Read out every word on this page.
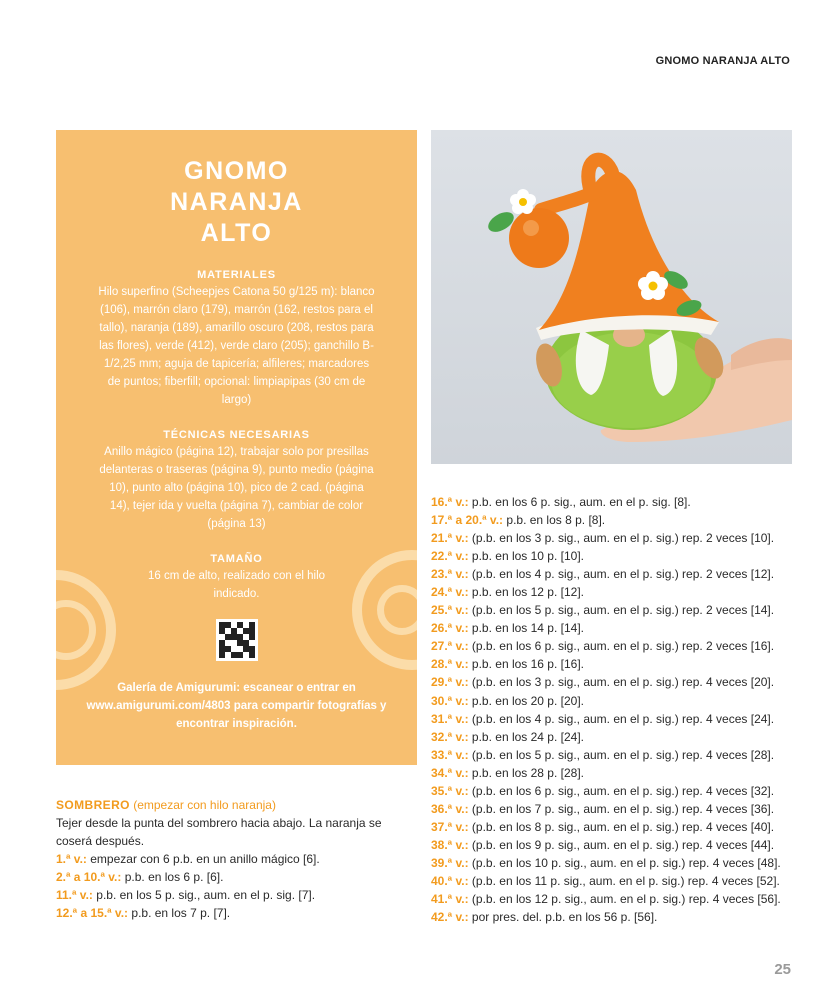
GNOMO NARANJA ALTO
GNOMO
NARANJA
ALTO
MATERIALES
Hilo superfino (Scheepjes Catona 50 g/125 m): blanco (106), marrón claro (179), marrón (162, restos para el tallo), naranja (189), amarillo oscuro (208, restos para las flores), verde (412), verde claro (205); ganchillo B-1/2,25 mm; aguja de tapicería; alfileres; marcadores de puntos; fiberfill; opcional: limpiapipas (30 cm de largo)
TÉCNICAS NECESARIAS
Anillo mágico (página 12), trabajar solo por presillas delanteras o traseras (página 9), punto medio (página 10), punto alto (página 10), pico de 2 cad. (página 14), tejer ida y vuelta (página 7), cambiar de color (página 13)
TAMAÑO
16 cm de alto, realizado con el hilo indicado.
Galería de Amigurumi: escanear o entrar en www.amigurumi.com/4803 para compartir fotografías y encontrar inspiración.
SOMBRERO (empezar con hilo naranja)
Tejer desde la punta del sombrero hacia abajo. La naranja se coserá después.
1.ª v.: empezar con 6 p.b. en un anillo mágico [6].
2.ª a 10.ª v.: p.b. en los 6 p. [6].
11.ª v.: p.b. en los 5 p. sig., aum. en el p. sig. [7].
12.ª a 15.ª v.: p.b. en los 7 p. [7].
16.ª v.: p.b. en los 6 p. sig., aum. en el p. sig. [8].
17.ª a 20.ª v.: p.b. en los 8 p. [8].
21.ª v.: (p.b. en los 3 p. sig., aum. en el p. sig.) rep. 2 veces [10].
22.ª v.: p.b. en los 10 p. [10].
23.ª v.: (p.b. en los 4 p. sig., aum. en el p. sig.) rep. 2 veces [12].
24.ª v.: p.b. en los 12 p. [12].
25.ª v.: (p.b. en los 5 p. sig., aum. en el p. sig.) rep. 2 veces [14].
26.ª v.: p.b. en los 14 p. [14].
27.ª v.: (p.b. en los 6 p. sig., aum. en el p. sig.) rep. 2 veces [16].
28.ª v.: p.b. en los 16 p. [16].
29.ª v.: (p.b. en los 3 p. sig., aum. en el p. sig.) rep. 4 veces [20].
30.ª v.: p.b. en los 20 p. [20].
31.ª v.: (p.b. en los 4 p. sig., aum. en el p. sig.) rep. 4 veces [24].
32.ª v.: p.b. en los 24 p. [24].
33.ª v.: (p.b. en los 5 p. sig., aum. en el p. sig.) rep. 4 veces [28].
34.ª v.: p.b. en los 28 p. [28].
35.ª v.: (p.b. en los 6 p. sig., aum. en el p. sig.) rep. 4 veces [32].
36.ª v.: (p.b. en los 7 p. sig., aum. en el p. sig.) rep. 4 veces [36].
37.ª v.: (p.b. en los 8 p. sig., aum. en el p. sig.) rep. 4 veces [40].
38.ª v.: (p.b. en los 9 p. sig., aum. en el p. sig.) rep. 4 veces [44].
39.ª v.: (p.b. en los 10 p. sig., aum. en el p. sig.) rep. 4 veces [48].
40.ª v.: (p.b. en los 11 p. sig., aum. en el p. sig.) rep. 4 veces [52].
41.ª v.: (p.b. en los 12 p. sig., aum. en el p. sig.) rep. 4 veces [56].
42.ª v.: por pres. del. p.b. en los 56 p. [56].
25
